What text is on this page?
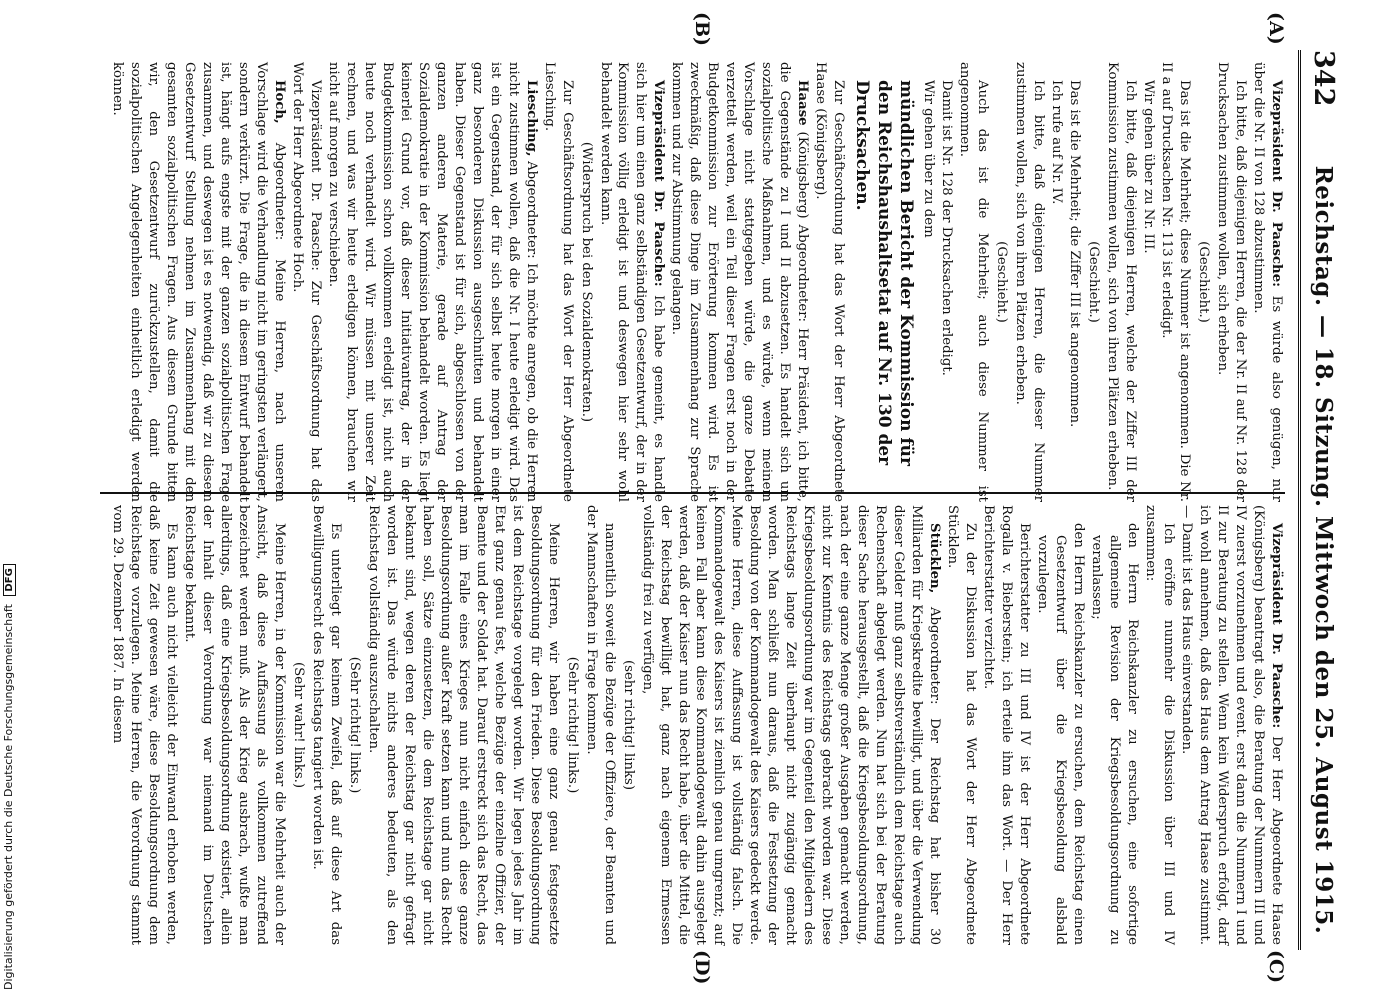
342
Reichstag. — 18. Sitzung. Mittwoch den 25. August 1915.
(A)
(B)
(C)
(D)

Vizepräsident Dr. Paasche: Es würde also genügen, nur über die Nr. II von 128 abzustimmen.

Ich bitte, daß diejenigen Herren, die der Nr. II auf Nr. 128 der Drucksachen zustimmen wollen, sich erheben.

(Geschieht.)

Das ist die Mehrheit; diese Nummer ist angenommen. Die Nr. II a auf Drucksachen Nr. 113 ist erledigt.

Wir gehen über zu Nr. III.

Ich bitte, daß diejenigen Herren, welche der Ziffer III der Kommission zustimmen wollen, sich von ihren Plätzen erheben.

(Geschieht.)

Das ist die Mehrheit; die Ziffer III ist angenommen.

Ich rufe auf Nr. IV.

Ich bitte, daß diejenigen Herren, die dieser Nummer zustimmen wollen, sich von ihren Plätzen erheben.

(Geschieht.)

Auch das ist die Mehrheit; auch diese Nummer ist angenommen.

Damit ist Nr. 128 der Drucksachen erledigt.

Wir gehen über zu dem

mündlichen Bericht der Kommission für den Reichshaushaltsetat auf Nr. 130 der Drucksachen.

Zur Geschäftsordnung hat das Wort der Herr Abgeordnete Haase (Königsberg).

Haase (Königsberg) Abgeordneter: Herr Präsident, ich bitte, die Gegenstände zu I und II abzusetzen. Es handelt sich um sozialpolitische Maßnahmen, und es würde, wenn meinem Vorschlage nicht stattgegeben würde, die ganze Debatte verzettelt werden, weil ein Teil dieser Fragen erst noch in der Budgetkommission zur Erörterung kommen wird. Es ist zweckmäßig, daß diese Dinge im Zusammenhang zur Sprache kommen und zur Abstimmung gelangen.

Vizepräsident Dr. Paasche: Ich habe gemeint, es handle sich hier um einen ganz selbständigen Gesetzentwurf, der in der Kommission völlig erledigt ist und deswegen hier sehr wohl behandelt werden kann.

(Widerspruch bei den Sozialdemokraten.)

Zur Geschäftsordnung hat das Wort der Herr Abgeordnete Liesching.

Liesching, Abgeordneter: Ich möchte anregen, ob die Herren nicht zustimmen wollen, daß die Nr. I heute erledigt wird. Das ist ein Gegenstand, der für sich selbst heute morgen in einer ganz besonderen Diskussion ausgeschnitten und behandelt haben. Dieser Gegenstand ist für sich, abgeschlossen von der ganzen anderen Materie, gerade auf Antrag der Sozialdemokratie in der Kommission behandelt worden. Es liegt keinerlei Grund vor, daß dieser Initiativantrag, der in der Budgetkommission schon vollkommen erledigt ist, nicht auch heute noch verhandelt wird. Wir müssen mit unserer Zeit rechnen, und was wir heute erledigen können, brauchen wir nicht auf morgen zu verschieben.

Vizepräsident Dr. Paasche: Zur Geschäftsordnung hat das Wort der Herr Abgeordnete Hoch.

Hoch, Abgeordneter: Meine Herren, nach unserem Vorschlage wird die Verhandlung nicht im geringsten verlängert, sondern verkürzt. Die Frage, die in diesem Entwurf behandelt ist, hängt aufs engste mit der ganzen sozialpolitischen Frage zusammen, und deswegen ist es notwendig, daß wir zu diesem Gesetzentwurf Stellung nehmen im Zusammenhang mit den gesamten sozialpolitischen Fragen. Aus diesem Grunde bitten wir, den Gesetzentwurf zurückzustellen, damit die sozialpolitischen Angelegenheiten einheitlich erledigt werden können.

Vizepräsident Dr. Paasche: Der Herr Abgeordnete Haase (Königsberg) beantragt also, die Beratung der Nummern III und IV zuerst vorzunehmen und event. erst dann die Nummern I und II zur Beratung zu stellen. Wenn kein Widerspruch erfolgt, darf ich wohl annehmen, daß das Haus dem Antrag Haase zustimmt. — Damit ist das Haus einverstanden.

Ich eröffne nunmehr die Diskussion über III und IV zusammen:

den Herrn Reichskanzler zu ersuchen, eine sofortige allgemeine Revision der Kriegsbesoldungsordnung zu veranlassen;

den Herrn Reichskanzler zu ersuchen, dem Reichstag einen Gesetzentwurf über die Kriegsbesoldung alsbald vorzulegen.

Berichterstatter zu III und IV ist der Herr Abgeordnete Rogalla v. Bieberstein; ich erteile ihm das Wort. — Der Herr Berichterstatter verzichtet.

Zu der Diskussion hat das Wort der Herr Abgeordnete Stücklen.

Stücklen, Abgeordneter: Der Reichstag hat bisher 30 Milliarden für Kriegskredite bewilligt, und über die Verwendung dieser Gelder muß ganz selbstverständlich dem Reichstage auch Rechenschaft abgelegt werden. Nun hat sich bei der Beratung dieser Sache herausgestellt, daß die Kriegsbesoldungsordnung, nach der eine ganze Menge großer Ausgaben gemacht werden, nicht zur Kenntnis des Reichstags gebracht worden war. Diese Kriegsbesoldungsordnung war im Gegenteil den Mitgliedern des Reichstags lange Zeit überhaupt nicht zugängig gemacht worden. Man schließt nun daraus, daß die Festsetzung der Besoldung von der Kommandogewalt des Kaisers gedeckt werde. Meine Herren, diese Auffassung ist vollständig falsch. Die Kommandogewalt des Kaisers ist ziemlich genau umgrenzt; auf keinen Fall aber kann diese Kommandogewalt dahin ausgelegt werden, daß der Kaiser nun das Recht habe, über die Mittel, die der Reichstag bewilligt hat, ganz nach eigenem Ermessen vollständig frei zu verfügen,

(sehr richtig! links)

namentlich soweit die Bezüge der Offiziere, der Beamten und der Mannschaften in Frage kommen.

(Sehr richtig! links.)

Meine Herren, wir haben eine ganz genau festgesetzte Besoldungsordnung für den Frieden. Diese Besoldungsordnung ist dem Reichstage vorgelegt worden. Wir legen jedes Jahr im Etat ganz genau fest, welche Bezüge der einzelne Offizier, der Beamte und der Soldat hat. Darauf erstreckt sich das Recht, das man im Falle eines Krieges nun nicht einfach diese ganze Besoldungsordnung außer Kraft setzen kann und nun das Recht haben soll, Sätze einzusetzen, die dem Reichstage gar nicht bekannt sind, wegen deren der Reichstag gar nicht gefragt worden ist. Das würde nichts anderes bedeuten, als den Reichstag vollständig auszuschalten.

(Sehr richtig! links.)

Es unterliegt gar keinem Zweifel, daß auf diese Art das Bewilligungsrecht des Reichstags tangiert worden ist.

(Sehr wahr! links.)

Meine Herren, in der Kommission war die Mehrheit auch der Ansicht, daß diese Auffassung als vollkommen zutreffend bezeichnet werden muß. Als der Krieg ausbrach, wußte man allerdings, daß eine Kriegsbesoldungsordnung existiert, allein der Inhalt dieser Verordnung war niemand im Deutschen Reichstage bekannt.

Es kann auch nicht vielleicht der Einwand erhoben werden, daß keine Zeit gewesen wäre, diese Besoldungsordnung dem Reichstage vorzulegen. Meine Herren, die Verordnung stammt vom 29. Dezember 1887. In diesem

Digitalisierung gefördert durch die Deutsche Forschungsgemeinschaft DFG
